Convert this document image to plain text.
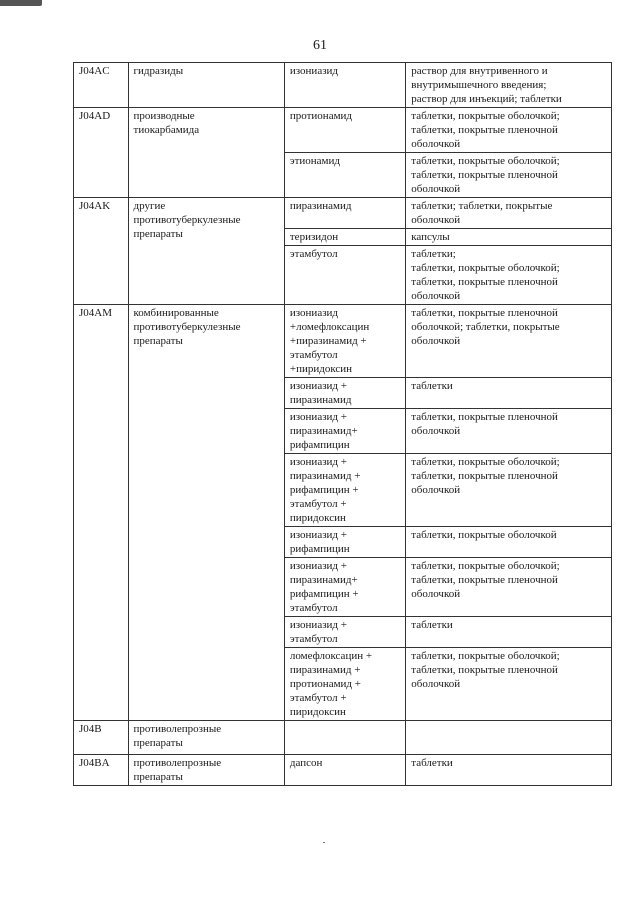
61
J04AC	гидразиды	изониазид	раствор для внутривенного и
внутримышечного введения;
раствор для инъекций; таблетки
J04AD	производные
тиокарбамида	протионамид	таблетки, покрытые оболочкой;
таблетки, покрытые пленочной
оболочкой
		этионамид	таблетки, покрытые оболочкой;
таблетки, покрытые пленочной
оболочкой
J04AK	другие
противотуберкулезные
препараты	пиразинамид	таблетки; таблетки, покрытые
оболочкой
		теризидон	капсулы
		этамбутол	таблетки;
таблетки, покрытые оболочкой;
таблетки, покрытые пленочной
оболочкой
J04AM	комбинированные
противотуберкулезные
препараты	изониазид
+ломефлоксацин
+пиразинамид +
этамбутол
+пиридоксин	таблетки, покрытые пленочной
оболочкой; таблетки, покрытые
оболочкой
		изониазид +
пиразинамид	таблетки
		изониазид +
пиразинамид+
рифампицин	таблетки, покрытые пленочной
оболочкой
		изониазид +
пиразинамид +
рифампицин +
этамбутол +
пиридоксин	таблетки, покрытые оболочкой;
таблетки, покрытые пленочной
оболочкой
		изониазид +
рифампицин	таблетки, покрытые оболочкой
		изониазид +
пиразинамид+
рифампицин +
этамбутол	таблетки, покрытые оболочкой;
таблетки, покрытые пленочной
оболочкой
		изониазид +
этамбутол	таблетки
		ломефлоксацин +
пиразинамид +
протионамид +
этамбутол +
пиридоксин	таблетки, покрытые оболочкой;
таблетки, покрытые пленочной
оболочкой
J04B	противолепрозные
препараты		
J04BA	противолепрозные
препараты	дапсон	таблетки
